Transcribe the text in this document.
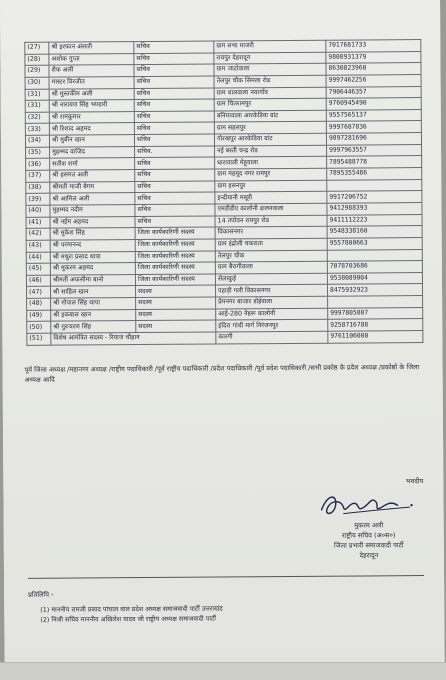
(27)	श्री इरफान अंसारी	सचिव	ग्राम सभा माजरी	7017681733
(28)	अशोक गुप्ता	सचिव	रायपुर देहरादून	9808931379
(29)	शैफ अली	सचिव	ग्राम जाटोवाला	8630823960
(30)	मास्टर विरजीत	सचिव	तेलपुर चौक सिमला रोड	9997462256
(31)	श्री मुस्तकीम अली	सचिव	ग्राम धालवाला नयागाँव	7906446357
(31)	श्री नारायण सिंह भण्डारी	सचिव	ग्राम चितरामपुर	9760945490
(32)	श्री रामकुमार	सचिव	बनियावाला आरकेडिया ग्रांट	9557565137
(33)	श्री रिशाद अहमद	सचिव	ग्राम सहसपुर	9997687836
(34)	श्री मुबीन खान	सचिव	गोरखपुर आरकेडिया ग्रांट	9897281696
(35)	मुहम्मद वाजिद	सचिव.	नई बस्ती चन्द्र रोड	9997963557
(36)	सतीश शर्मा	सचिव	धारावाली मेहूवाला	7895488778
(37)	श्री हसमत अली	सचिव	ग्राम महमूद नगर रामपुर	7895355486
(38)	श्रीमती माजी बेगम	सचिव	ग्राम हसनपुर	
(39)	श्री आमिल अली	सचिव	इन्दीयानी मसूरी	9917206752
(40)	मुहम्मद नदीम	सचिव	एमडीडीए कालोनी डालनवाला	9412988393
(41)	श्री नईम अहमद	सचिव	14 तपोवन रायपुर रोड	9411112223
(42)	श्री मुकेश सिंह	जिला कार्यकारिणी सदस्य	विकासनगर	9548338160
(43)	श्री परमानन्द	जिला कार्यकारिणी सदस्य	ग्राम इंद्रोली चकराता	9557800663
(44)	श्री मथुरा प्रसाद थापा	जिला कार्यकारिणी सदस्य	तेलपुर चौक	
(45)	श्री मुकरम अहमद	जिला कार्यकारिणी सदस्य	ग्राम बैरागीवाला	7078703686
(46)	श्रीमती अफसीमा बानो	जिला कार्यकारिणी सदस्य	सेलाकुई	9538089004
(47)	श्री साहिल खान	सदस्य	पहाड़ी गली विकासनगर	8475932923
(48)	श्री गोपाल सिंह थापा	सदस्य	प्रेमनगर बाजार डोईवाला	
(49)	श्री इकबाल खान	सदस्य	आई-280 नेहरू कालोनी	9997805807
(50)	श्री गुरुचरण सिंह	सदस्य	इंदिरा गांधी मार्ग निरंजनपुर	9258716788
(51)	विशेष आमंत्रित सदस्य - रियाज चौहान		कारगी	9761106000
पूर्व जिला अध्यक्ष /महानगर अध्यक्ष /राष्ट्रीय पदाधिकारी /पूर्व राष्ट्रीय पदाधिकारी /प्रदेश पदाधिकारी /पूर्व प्रदेश पदाधिकारी /सभी प्रकोष्ठ के प्रदेश अध्यक्ष /प्रकोष्ठों के जिला अध्यक्ष आदि
भवदीय
मुकरम अली
राष्ट्रीय सचिव (अ०स०)
जिला प्रभारी समाजवादी पार्टी
देहरादून
प्रतिलिपि -
(1) माननीय रामजी प्रसाद पांचाल वाल प्रदेश अध्यक्ष समाजवादी पार्टी उत्तराखंड
(2) निजी सचिव माननीय अखिलेश यादव जी राष्ट्रीय अध्यक्ष समाजवादी पार्टी
